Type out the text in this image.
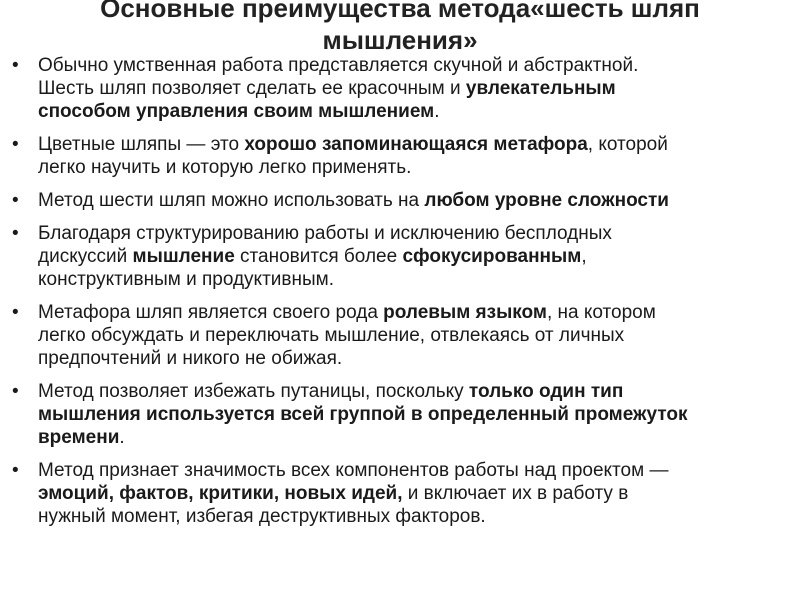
Основные преимущества метода«шесть шляп
мышления»
• Обычно умственная работа представляется скучной и абстрактной.
Шесть шляп позволяет сделать ее красочным и увлекательным
способом управления своим мышлением.
• Цветные шляпы — это хорошо запоминающаяся метафора, которой
легко научить и которую легко применять.
• Метод шести шляп можно использовать на любом уровне сложности
• Благодаря структурированию работы и исключению бесплодных
дискуссий мышление становится более сфокусированным,
конструктивным и продуктивным.
• Метафора шляп является своего рода ролевым языком, на котором
легко обсуждать и переключать мышление, отвлекаясь от личных
предпочтений и никого не обижая.
• Метод позволяет избежать путаницы, поскольку только один тип
мышления используется всей группой в определенный промежуток
времени.
• Метод признает значимость всех компонентов работы над проектом —
эмоций, фактов, критики, новых идей, и включает их в работу в
нужный момент, избегая деструктивных факторов.
